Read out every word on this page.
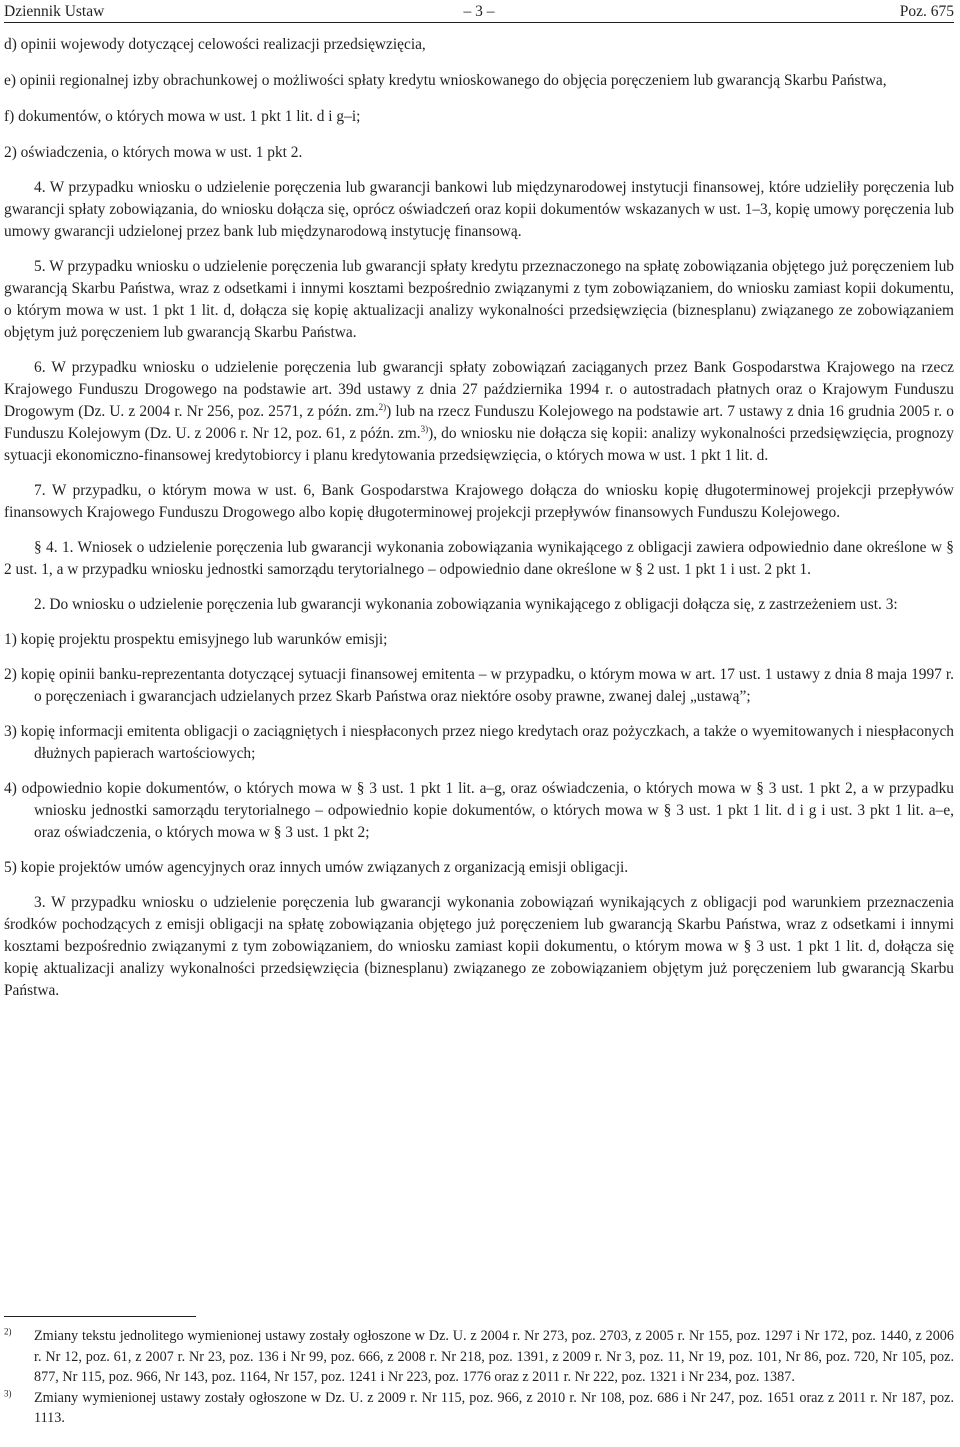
Dziennik Ustaw	– 3 –	Poz. 675

d) opinii wojewody dotyczącej celowości realizacji przedsięwzięcia,

e) opinii regionalnej izby obrachunkowej o możliwości spłaty kredytu wnioskowanego do objęcia poręczeniem lub gwarancją Skarbu Państwa,

f) dokumentów, o których mowa w ust. 1 pkt 1 lit. d i g–i;

2) oświadczenia, o których mowa w ust. 1 pkt 2.

4. W przypadku wniosku o udzielenie poręczenia lub gwarancji bankowi lub międzynarodowej instytucji finansowej, które udzieliły poręczenia lub gwarancji spłaty zobowiązania, do wniosku dołącza się, oprócz oświadczeń oraz kopii dokumentów wskazanych w ust. 1–3, kopię umowy poręczenia lub umowy gwarancji udzielonej przez bank lub międzynarodową instytucję finansową.

5. W przypadku wniosku o udzielenie poręczenia lub gwarancji spłaty kredytu przeznaczonego na spłatę zobowiązania objętego już poręczeniem lub gwarancją Skarbu Państwa, wraz z odsetkami i innymi kosztami bezpośrednio związanymi z tym zobowiązaniem, do wniosku zamiast kopii dokumentu, o którym mowa w ust. 1 pkt 1 lit. d, dołącza się kopię aktualizacji analizy wykonalności przedsięwzięcia (biznesplanu) związanego ze zobowiązaniem objętym już poręczeniem lub gwarancją Skarbu Państwa.

6. W przypadku wniosku o udzielenie poręczenia lub gwarancji spłaty zobowiązań zaciąganych przez Bank Gospodarstwa Krajowego na rzecz Krajowego Funduszu Drogowego na podstawie art. 39d ustawy z dnia 27 października 1994 r. o autostradach płatnych oraz o Krajowym Funduszu Drogowym (Dz. U. z 2004 r. Nr 256, poz. 2571, z późn. zm.$^{2)}$) lub na rzecz Funduszu Kolejowego na podstawie art. 7 ustawy z dnia 16 grudnia 2005 r. o Funduszu Kolejowym (Dz. U. z 2006 r. Nr 12, poz. 61, z późn. zm.$^{3)}$), do wniosku nie dołącza się kopii: analizy wykonalności przedsięwzięcia, prognozy sytuacji ekonomiczno-finansowej kredytobiorcy i planu kredytowania przedsięwzięcia, o których mowa w ust. 1 pkt 1 lit. d.

7. W przypadku, o którym mowa w ust. 6, Bank Gospodarstwa Krajowego dołącza do wniosku kopię długoterminowej projekcji przepływów finansowych Krajowego Funduszu Drogowego albo kopię długoterminowej projekcji przepływów finansowych Funduszu Kolejowego.

§ 4. 1. Wniosek o udzielenie poręczenia lub gwarancji wykonania zobowiązania wynikającego z obligacji zawiera odpowiednio dane określone w § 2 ust. 1, a w przypadku wniosku jednostki samorządu terytorialnego – odpowiednio dane określone w § 2 ust. 1 pkt 1 i ust. 2 pkt 1.

2. Do wniosku o udzielenie poręczenia lub gwarancji wykonania zobowiązania wynikającego z obligacji dołącza się, z zastrzeżeniem ust. 3:

1) kopię projektu prospektu emisyjnego lub warunków emisji;

2) kopię opinii banku-reprezentanta dotyczącej sytuacji finansowej emitenta – w przypadku, o którym mowa w art. 17 ust. 1 ustawy z dnia 8 maja 1997 r. o poręczeniach i gwarancjach udzielanych przez Skarb Państwa oraz niektóre osoby prawne, zwanej dalej „ustawą”;

3) kopię informacji emitenta obligacji o zaciągniętych i niespłaconych przez niego kredytach oraz pożyczkach, a także o wyemitowanych i niespłaconych dłużnych papierach wartościowych;

4) odpowiednio kopie dokumentów, o których mowa w § 3 ust. 1 pkt 1 lit. a–g, oraz oświadczenia, o których mowa w § 3 ust. 1 pkt 2, a w przypadku wniosku jednostki samorządu terytorialnego – odpowiednio kopie dokumentów, o których mowa w § 3 ust. 1 pkt 1 lit. d i g i ust. 3 pkt 1 lit. a–e, oraz oświadczenia, o których mowa w § 3 ust. 1 pkt 2;

5) kopie projektów umów agencyjnych oraz innych umów związanych z organizacją emisji obligacji.

3. W przypadku wniosku o udzielenie poręczenia lub gwarancji wykonania zobowiązań wynikających z obligacji pod warunkiem przeznaczenia środków pochodzących z emisji obligacji na spłatę zobowiązania objętego już poręczeniem lub gwarancją Skarbu Państwa, wraz z odsetkami i innymi kosztami bezpośrednio związanymi z tym zobowiązaniem, do wniosku zamiast kopii dokumentu, o którym mowa w § 3 ust. 1 pkt 1 lit. d, dołącza się kopię aktualizacji analizy wykonalności przedsięwzięcia (biznesplanu) związanego ze zobowiązaniem objętym już poręczeniem lub gwarancją Skarbu Państwa.

$^{2)}$ Zmiany tekstu jednolitego wymienionej ustawy zostały ogłoszone w Dz. U. z 2004 r. Nr 273, poz. 2703, z 2005 r. Nr 155, poz. 1297 i Nr 172, poz. 1440, z 2006 r. Nr 12, poz. 61, z 2007 r. Nr 23, poz. 136 i Nr 99, poz. 666, z 2008 r. Nr 218, poz. 1391, z 2009 r. Nr 3, poz. 11, Nr 19, poz. 101, Nr 86, poz. 720, Nr 105, poz. 877, Nr 115, poz. 966, Nr 143, poz. 1164, Nr 157, poz. 1241 i Nr 223, poz. 1776 oraz z 2011 r. Nr 222, poz. 1321 i Nr 234, poz. 1387.

$^{3)}$ Zmiany wymienionej ustawy zostały ogłoszone w Dz. U. z 2009 r. Nr 115, poz. 966, z 2010 r. Nr 108, poz. 686 i Nr 247, poz. 1651 oraz z 2011 r. Nr 187, poz. 1113.
